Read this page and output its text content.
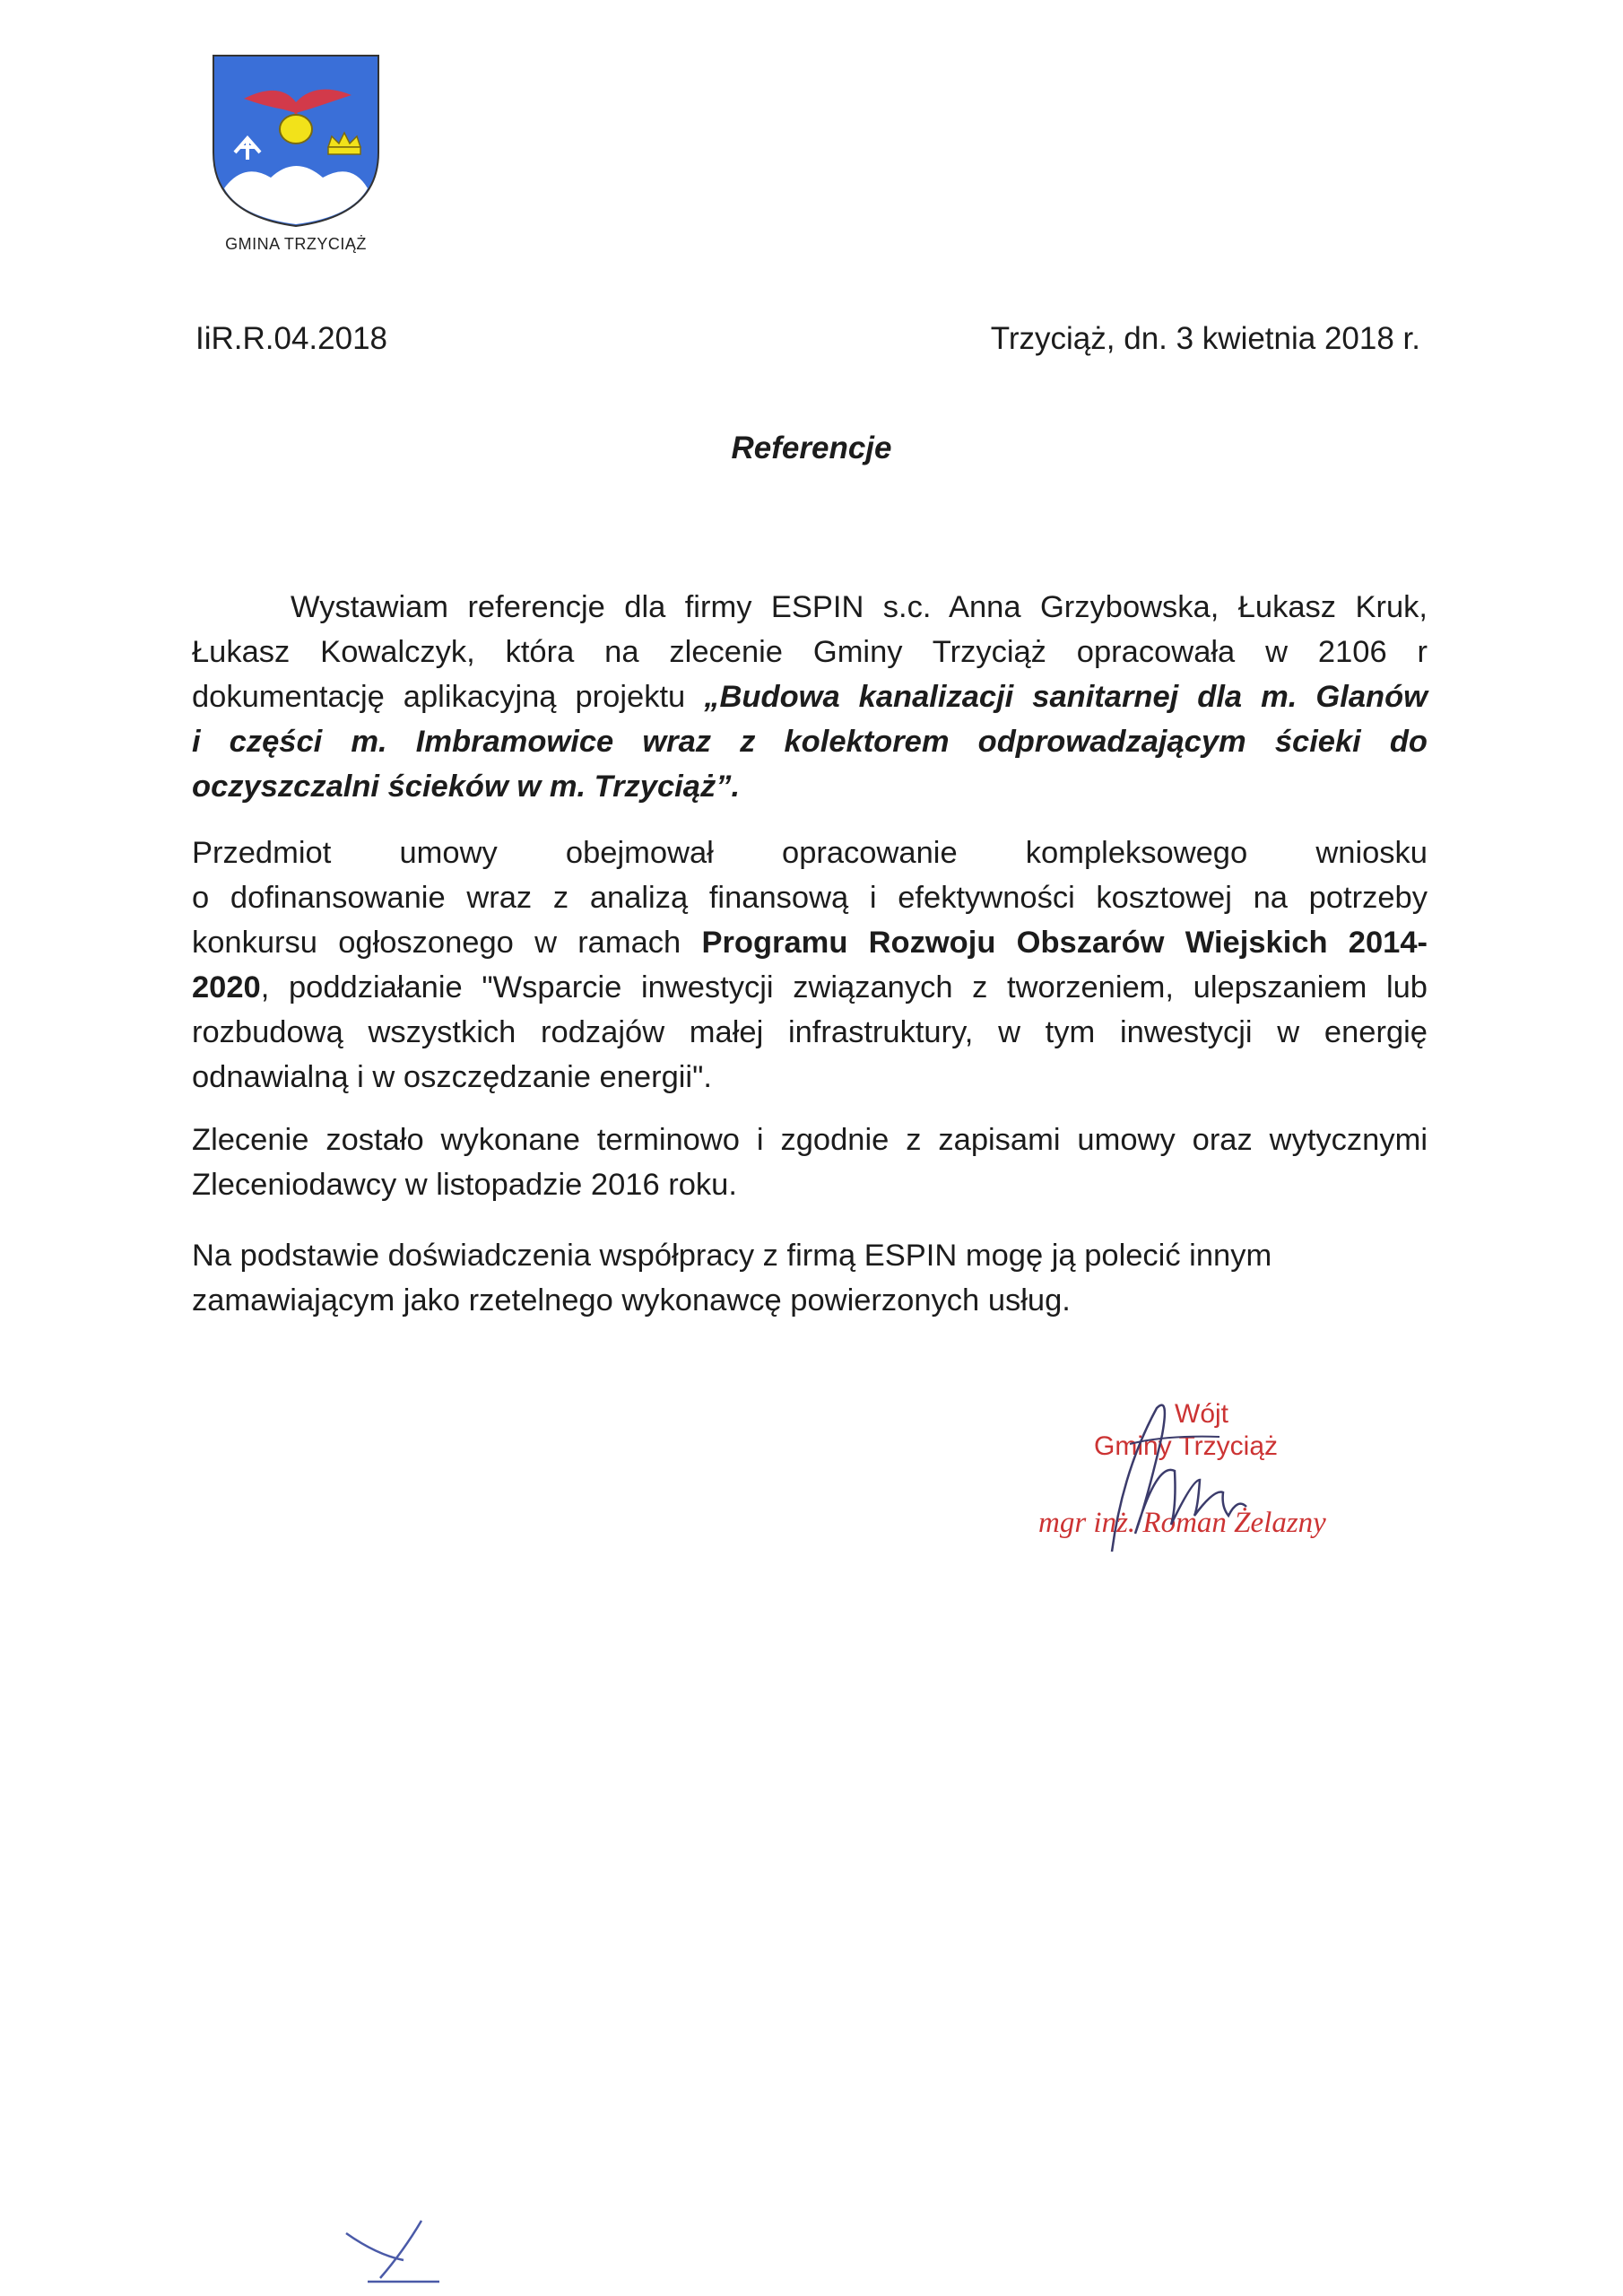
GMINA TRZYCIĄŻ
IiR.R.04.2018	Trzyciąż, dn. 3 kwietnia 2018 r.
Referencje
Wystawiam referencje dla firmy ESPIN s.c. Anna Grzybowska, Łukasz Kruk,
Łukasz Kowalczyk, która na zlecenie Gminy Trzyciąż opracowała w 2106 r
dokumentację aplikacyjną projektu „Budowa kanalizacji sanitarnej dla m. Glanów
i części m. Imbramowice wraz z kolektorem odprowadzającym ścieki do
oczyszczalni ścieków w m. Trzyciąż”.
Przedmiot umowy obejmował opracowanie kompleksowego wniosku
o dofinansowanie wraz z analizą finansową i efektywności kosztowej na potrzeby
konkursu ogłoszonego w ramach Programu Rozwoju Obszarów Wiejskich 2014-
2020, poddziałanie "Wsparcie inwestycji związanych z tworzeniem, ulepszaniem lub
rozbudową wszystkich rodzajów małej infrastruktury, w tym inwestycji w energię
odnawialną i w oszczędzanie energii".
Zlecenie zostało wykonane terminowo i zgodnie z zapisami umowy oraz wytycznymi
Zleceniodawcy w listopadzie 2016 roku.
Na podstawie doświadczenia współpracy z firmą ESPIN mogę ją polecić innym
zamawiającym jako rzetelnego wykonawcę powierzonych usług.
Wójt
Gminy Trzyciąż
mgr inż. Roman Żelazny
